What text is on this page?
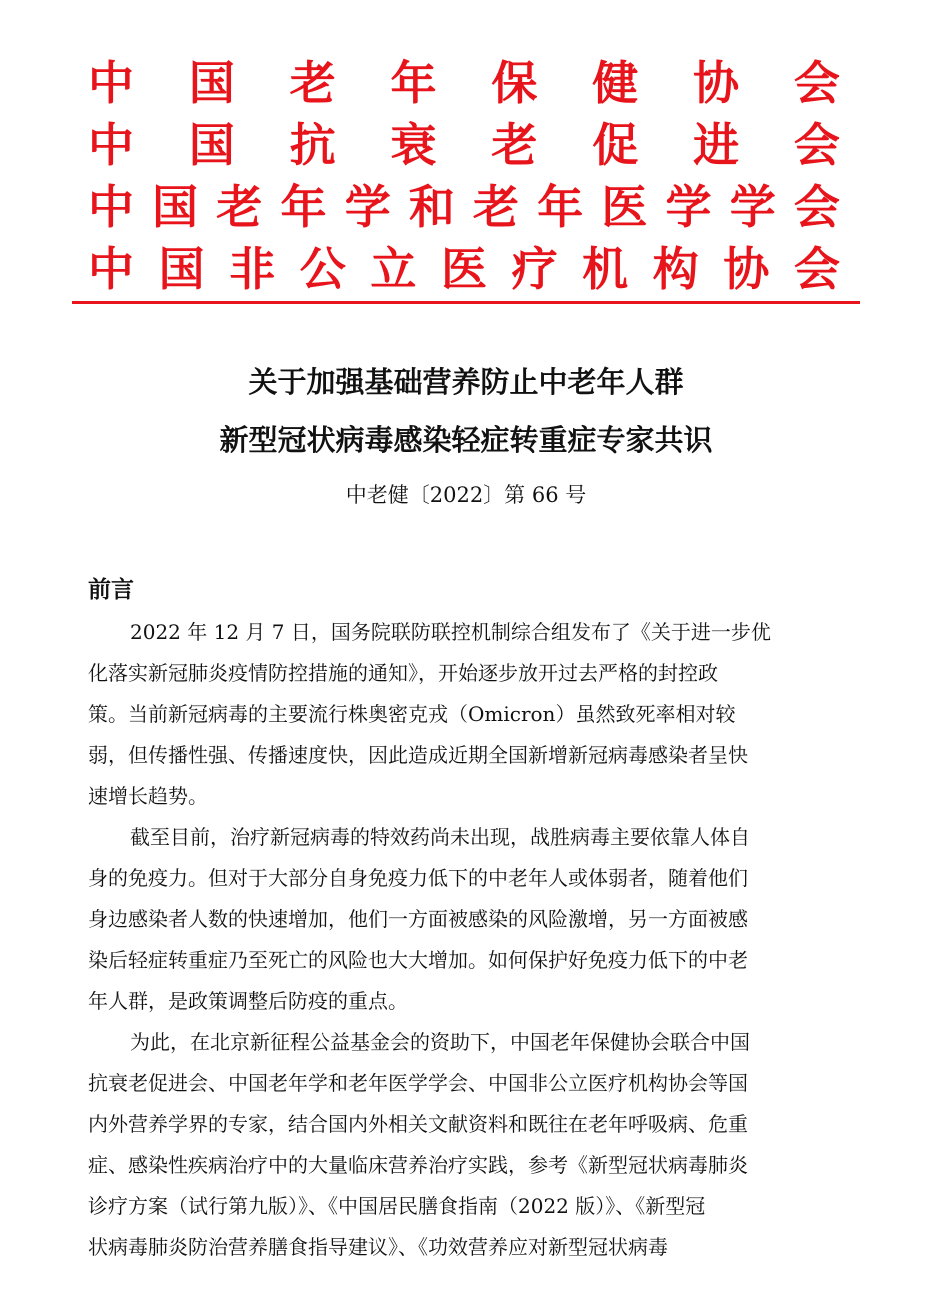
中 国 老 年 保 健 协 会
中 国 抗 衰 老 促 进 会
中 国 老 年 学 和 老 年 医 学 学 会
中 国 非 公 立 医 疗 机 构 协 会
关于加强基础营养防止中老年人群
新型冠状病毒感染轻症转重症专家共识
中老健〔2022〕第 66 号
前言

2022 年 12 月 7 日，国务院联防联控机制综合组发布了《关于进一步优
化落实新冠肺炎疫情防控措施的通知》，开始逐步放开过去严格的封控政
策。当前新冠病毒的主要流行株奥密克戎（Omicron）虽然致死率相对较
弱，但传播性强、传播速度快，因此造成近期全国新增新冠病毒感染者呈快
速增长趋势。

截至目前，治疗新冠病毒的特效药尚未出现，战胜病毒主要依靠人体自
身的免疫力。但对于大部分自身免疫力低下的中老年人或体弱者，随着他们
身边感染者人数的快速增加，他们一方面被感染的风险激增，另一方面被感
染后轻症转重症乃至死亡的风险也大大增加。如何保护好免疫力低下的中老
年人群，是政策调整后防疫的重点。

为此，在北京新征程公益基金会的资助下，中国老年保健协会联合中国
抗衰老促进会、中国老年学和老年医学学会、中国非公立医疗机构协会等国
内外营养学界的专家，结合国内外相关文献资料和既往在老年呼吸病、危重
症、感染性疾病治疗中的大量临床营养治疗实践，参考《新型冠状病毒肺炎
诊疗方案（试行第九版）》、《中国居民膳食指南（2022 版）》、《新型冠
状病毒肺炎防治营养膳食指导建议》、《功效营养应对新型冠状病毒
